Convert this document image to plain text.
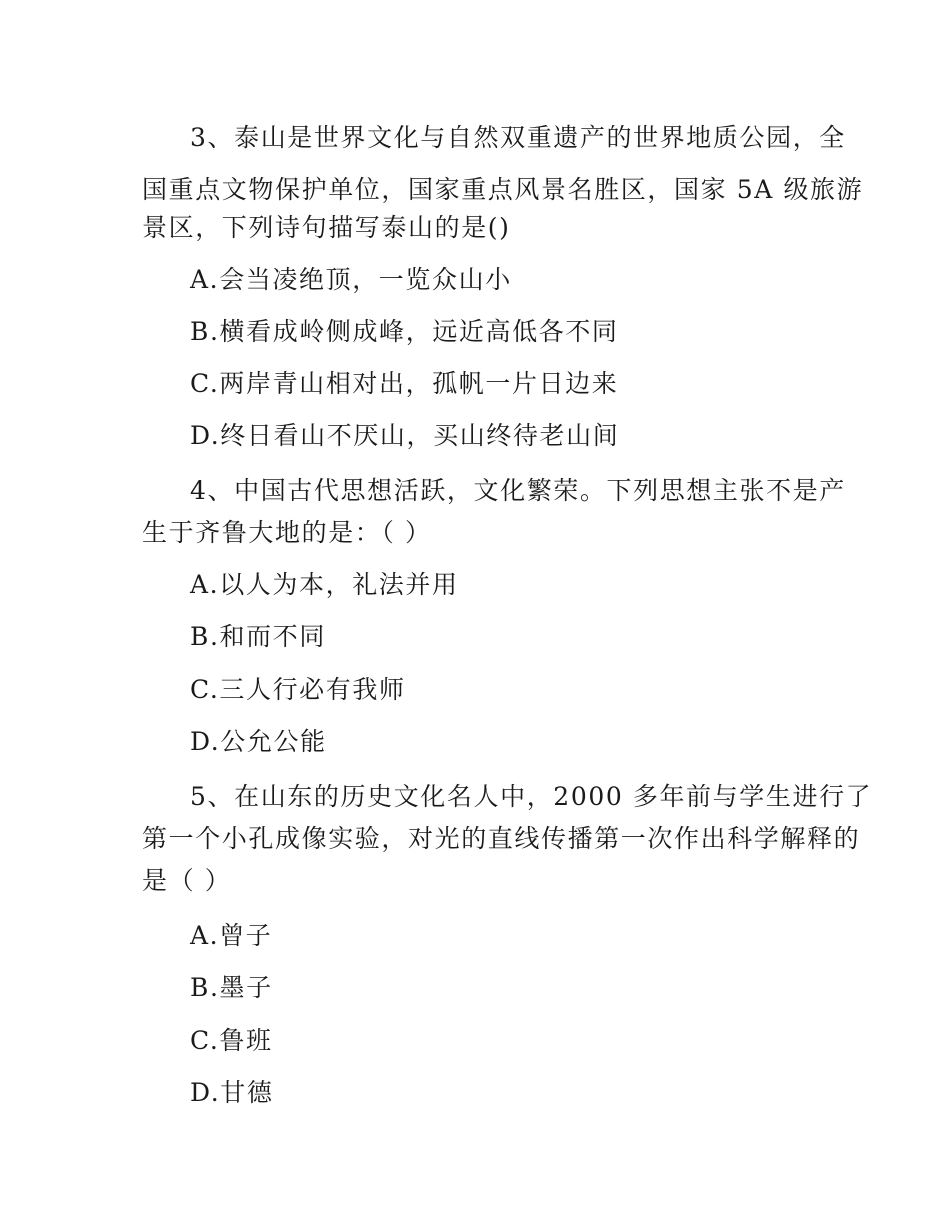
3、泰山是世界文化与自然双重遗产的世界地质公园，全
国重点文物保护单位，国家重点风景名胜区，国家 5A 级旅游
景区，下列诗句描写泰山的是()
A.会当凌绝顶，一览众山小
B.横看成岭侧成峰，远近高低各不同
C.两岸青山相对出，孤帆一片日边来
D.终日看山不厌山，买山终待老山间
4、中国古代思想活跃，文化繁荣。下列思想主张不是产
生于齐鲁大地的是：（ ）
A.以人为本，礼法并用
B.和而不同
C.三人行必有我师
D.公允公能
5、在山东的历史文化名人中，2000 多年前与学生进行了
第一个小孔成像实验，对光的直线传播第一次作出科学解释的
是（ ）
A.曾子
B.墨子
C.鲁班
D.甘德
